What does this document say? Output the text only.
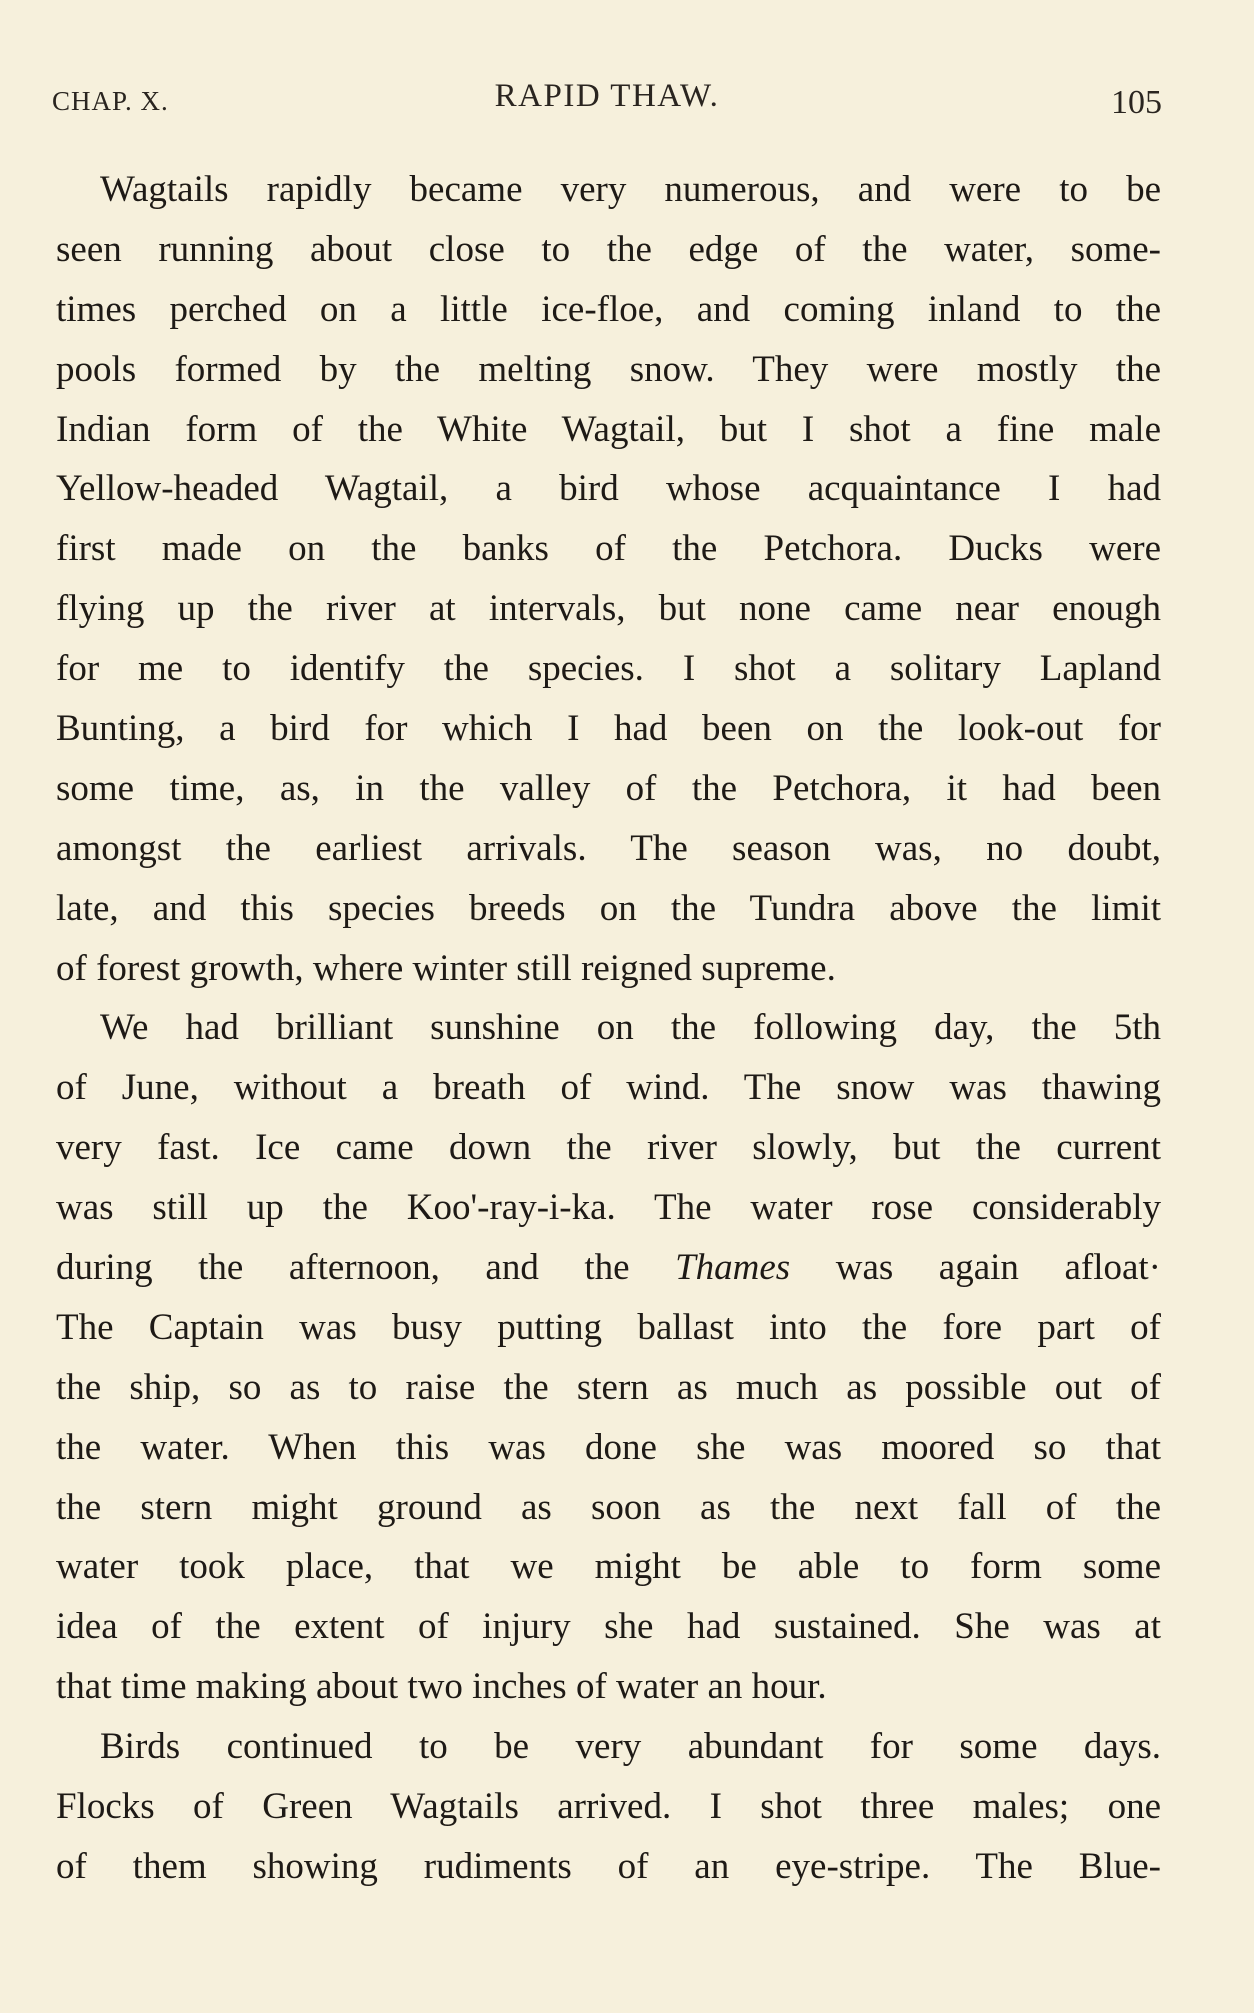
CHAP. X.	RAPID THAW.	105
Wagtails rapidly became very numerous, and were to be
seen running about close to the edge of the water, some-
times perched on a little ice-floe, and coming inland to the
pools formed by the melting snow. They were mostly the
Indian form of the White Wagtail, but I shot a fine male
Yellow-headed Wagtail, a bird whose acquaintance I had
first made on the banks of the Petchora. Ducks were
flying up the river at intervals, but none came near enough
for me to identify the species. I shot a solitary Lapland
Bunting, a bird for which I had been on the look-out for
some time, as, in the valley of the Petchora, it had been
amongst the earliest arrivals. The season was, no doubt,
late, and this species breeds on the Tundra above the limit
of forest growth, where winter still reigned supreme.
We had brilliant sunshine on the following day, the 5th
of June, without a breath of wind. The snow was thawing
very fast. Ice came down the river slowly, but the current
was still up the Koo'-ray-i-ka. The water rose considerably
during the afternoon, and the Thames was again afloat·
The Captain was busy putting ballast into the fore part of
the ship, so as to raise the stern as much as possible out of
the water. When this was done she was moored so that
the stern might ground as soon as the next fall of the
water took place, that we might be able to form some
idea of the extent of injury she had sustained. She was at
that time making about two inches of water an hour.
Birds continued to be very abundant for some days.
Flocks of Green Wagtails arrived. I shot three males; one
of them showing rudiments of an eye-stripe. The Blue-
